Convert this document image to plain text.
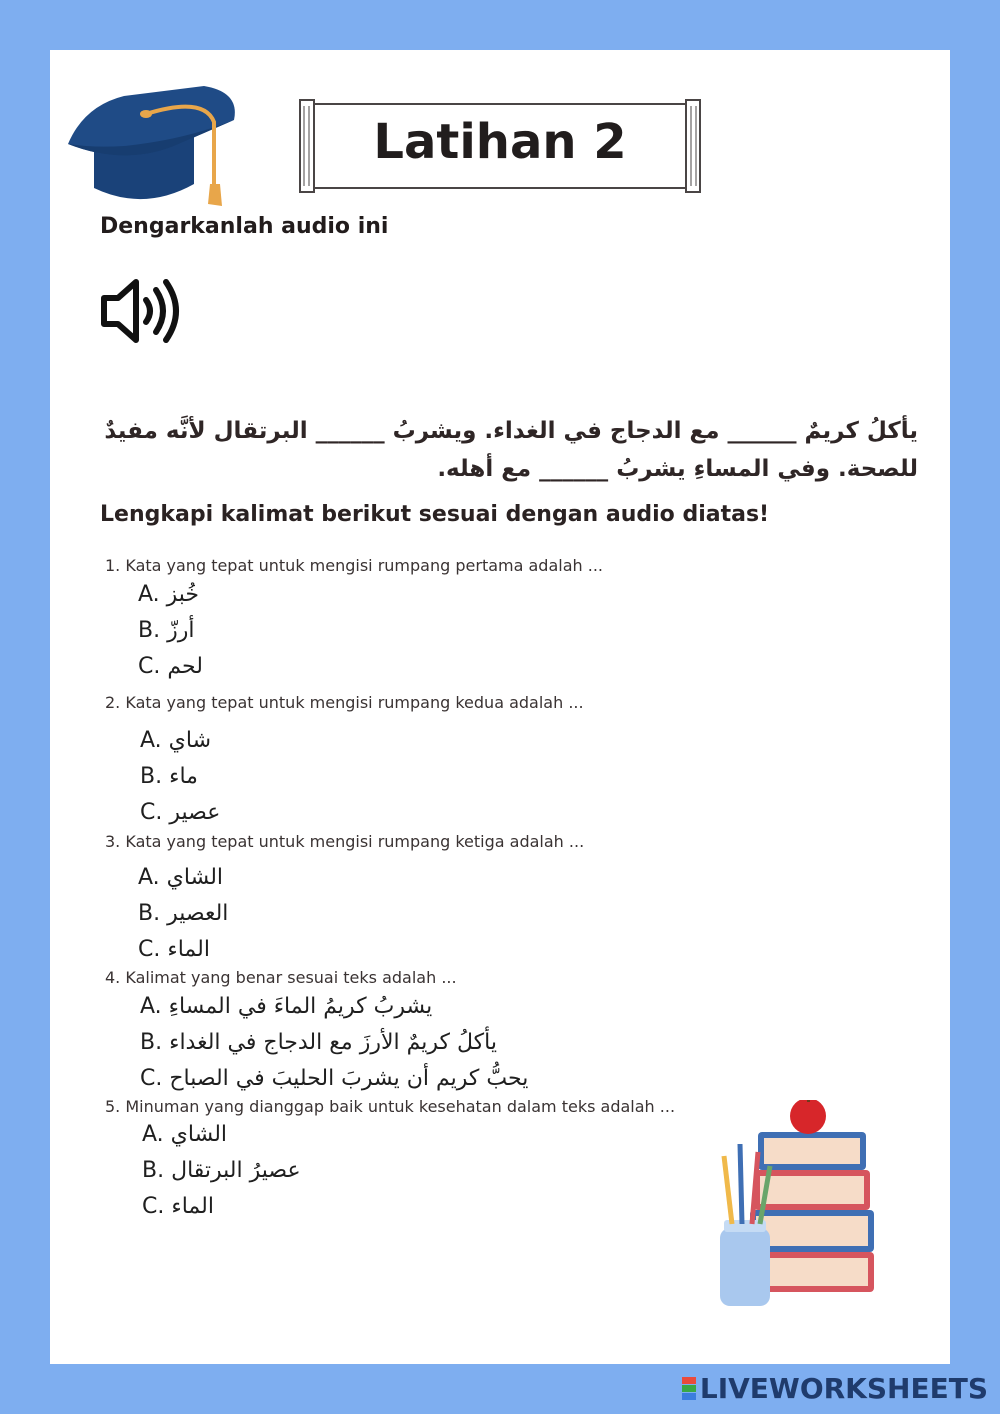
Latihan 2
Dengarkanlah audio ini
يأكلُ كريمٌ ______ مع الدجاج في الغداء. ويشربُ ______ البرتقال لأنَّه مفيدٌ للصحة. وفي المساءِ يشربُ ______ مع أهله.
Lengkapi kalimat berikut sesuai dengan audio diatas!
1. Kata yang tepat untuk mengisi rumpang pertama adalah ...
A. خُبز
B. أرزّ
C. لحم
2. Kata yang tepat untuk mengisi rumpang kedua adalah ...
A. شاي
B. ماء
C. عصير
3. Kata yang tepat untuk mengisi rumpang ketiga adalah ...
A. الشاي
B. العصير
C. الماء
4. Kalimat yang benar sesuai teks adalah ...
A. يشربُ كريمُ الماءَ في المساءِ
B. يأكلُ كريمٌ الأرزَ مع الدجاج في الغداء
C. يحبُّ كريم أن يشربَ الحليبَ في الصباح
5. Minuman yang dianggap baik untuk kesehatan dalam teks adalah ...
A. الشاي
B. عصيرُ البرتقال
C. الماء
LIVEWORKSHEETS
